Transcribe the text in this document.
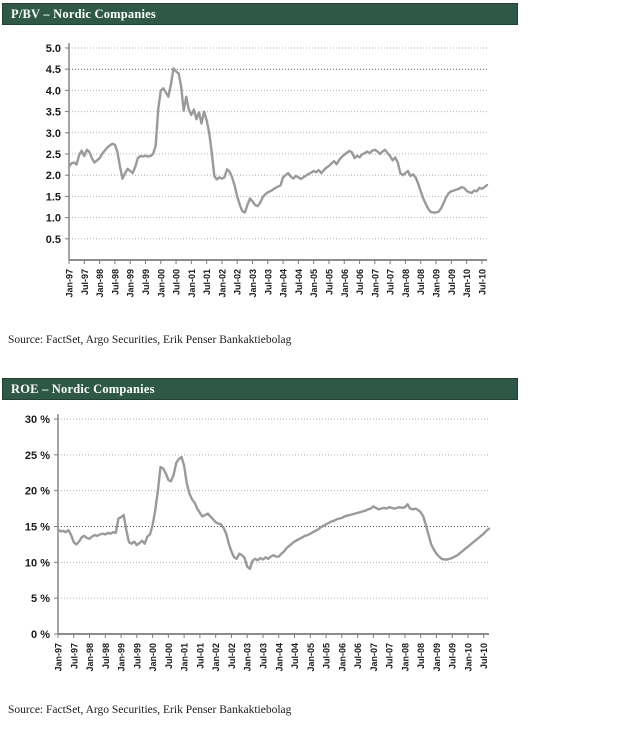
P/BV – Nordic Companies
5.0
4.5
4.0
3.5
3.0
2.5
2.0
1.5
1.0
0.5
Jan-97 Jul-97 Jan-98 Jul-98 Jan-99 Jul-99 Jan-00 Jul-00 Jan-01 Jul-01 Jan-02 Jul-02 Jan-03 Jul-03 Jan-04 Jul-04 Jan-05 Jul-05 Jan-06 Jul-06 Jan-07 Jul-07 Jan-08 Jul-08 Jan-09 Jul-09 Jan-10 Jul-10
Source: FactSet, Argo Securities, Erik Penser Bankaktiebolag
ROE – Nordic Companies
30 %
25 %
20 %
15 %
10 %
5 %
0 %
Jan-97 Jul-97 Jan-98 Jul-98 Jan-99 Jul-99 Jan-00 Jul-00 Jan-01 Jul-01 Jan-02 Jul-02 Jan-03 Jul-03 Jan-04 Jul-04 Jan-05 Jul-05 Jan-06 Jul-06 Jan-07 Jul-07 Jan-08 Jul-08 Jan-09 Jul-09 Jan-10 Jul-10
Source: FactSet, Argo Securities, Erik Penser Bankaktiebolag
